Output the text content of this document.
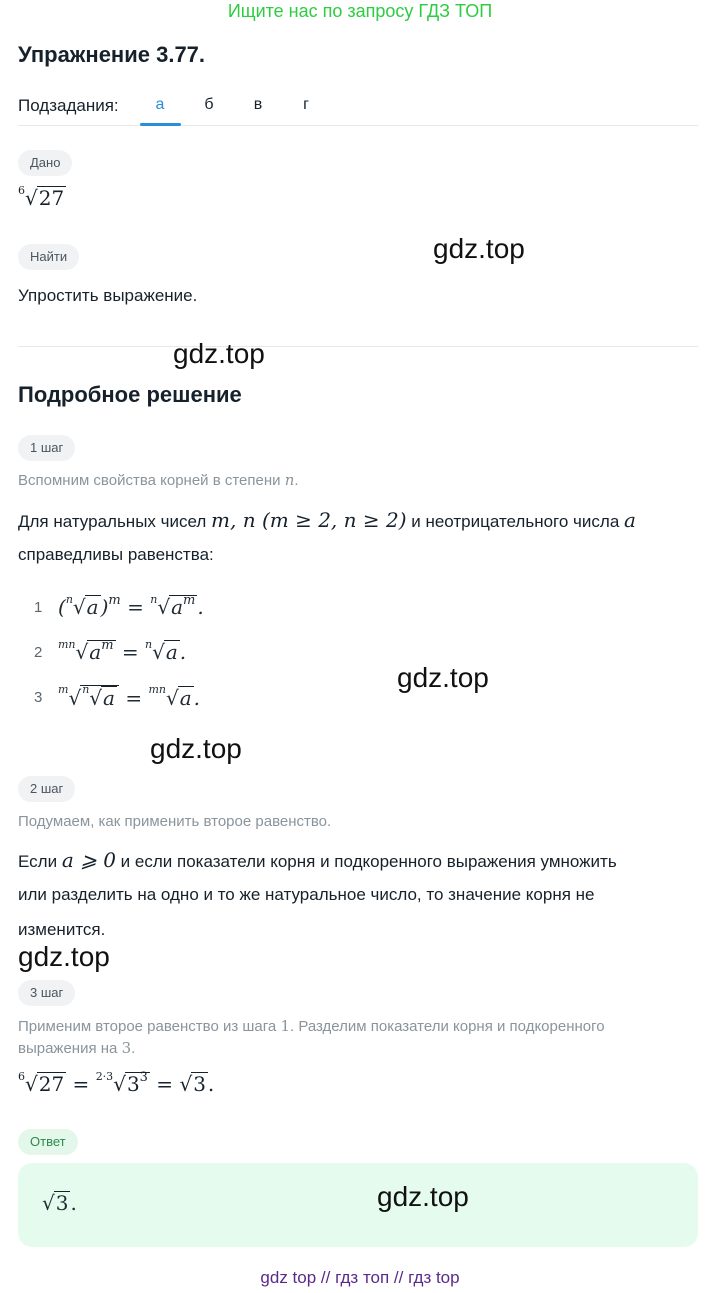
Ищите нас по запросу ГДЗ ТОП
Упражнение 3.77.
Подзадания:	а	б	в	г
Дано
$^6$√27
Найти
Упростить выражение.
Подробное решение
1 шаг
Вспомним свойства корней в степени n.
Для натуральных чисел m, n (m ≥ 2, n ≥ 2) и неотрицательного числа a
справедливы равенства:
1 ($^n$√a )$^m = ^n√a^m$ .
2 $^{mn}√a^m = ^n√a$ .
3 $^m$√$^n$√a = $^{mn}$√a .
2 шаг
Подумаем, как применить второе равенство.
Если a ⩾ 0 и если показатели корня и подкоренного выражения умножить
или разделить на одно и то же натуральное число, то значение корня не
изменится.
3 шаг
Применим второе равенство из шага 1. Разделим показатели корня и подкоренного
выражения на 3.
$^6√27 = ^{2\cdot 3}√3^3 = √3$ .
Ответ
√3 .
gdz.top
gdz.top
gdz.top
gdz.top
gdz.top
gdz.top
gdz top // гдз топ // гдз top
